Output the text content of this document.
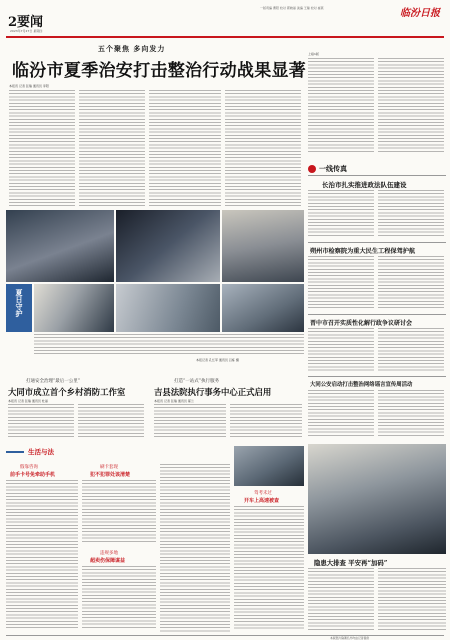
2要闻
2023年7月27日 星期四
一版责编 曹阳 校对 郭晓丽 美编 王瑞 校对 崔燕	临汾日报
五个聚焦 多向发力
临汾市夏季治安打击整治行动战果显著
本报讯 记者 张瑞 通讯员 李阳
夏日守护
本报记者 孔红军 通讯员 吕栋 摄
上接1版
一线传真
长治市扎实推进政法队伍建设
朔州市检察院为重大民生工程保驾护航
晋中市召开实质性化解行政争议研讨会
大同公安启动打击整治网络谣言宣传周活动
打通安全治理“最后一公里”
大同市成立首个乡村消防工作室
本报讯 记者 张瑞 通讯员 杜丽
打造“一站式”执行服务
吉县法院执行事务中心正式启用
本报讯 记者 张瑞 通讯员 郝兰
生活与法
假靠咨询
前手卡号免牵助手机
刷卡套现
犯不犯罪处该清楚
违规多地
超卖伤保障谋益
驾考未过
开车上高速被查
隐患大排查 平安再“加码”
本版图片除署名外均由记者提供
